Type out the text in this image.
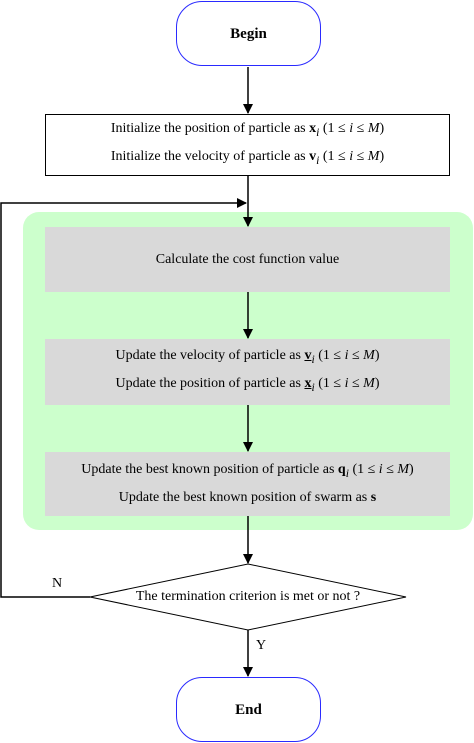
Begin
Initialize the position of particle as $x_i$ (1 ≤ i ≤ M)
Initialize the velocity of particle as $v_i$ (1 ≤ i ≤ M)
Calculate the cost function value
Update the velocity of particle as $v_i$ (1 ≤ i ≤ M)
Update the position of particle as $x_i$ (1 ≤ i ≤ M)
Update the best known position of particle as $q_i$ (1 ≤ i ≤ M)
Update the best known position of swarm as s
The termination criterion is met or not ?
N
Y
End
